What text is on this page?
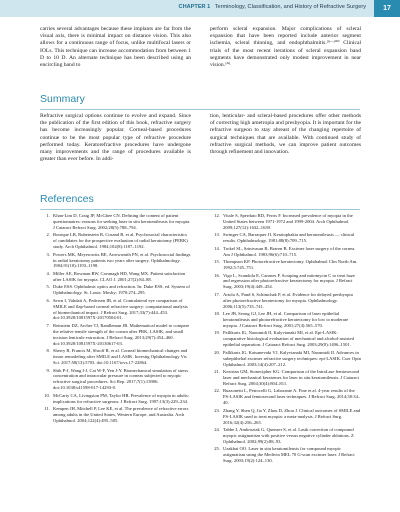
CHAPTER 1 Terminology, Classification, and History of Refractive Surgery	17

carries several advantages because these implants are far from the visual axis, there is minimal impact on distance vision. This also allows for a continuous range of focus, unlike multifocal lasers or IOLs. This technique can increase accommodation from between 1 D to 10 D. An alternate technique has been described using an encircling band to

perform scleral expansion. Major complications of scleral expansion that have been reported include anterior segment ischemia, scleral thinning, and endophthalmitis.²⁹⁻¹⁰⁰ Clinical trials of the most recent iterations of scleral expansion band segments have demonstrated only modest improvement in near vision.¹⁰¹

Summary

Refractive surgical options continue to evolve and expand. Since the publication of the first edition of this book, refractive surgery has become increasingly popular. Corneal-based procedures continue to be the most popular type of refractive procedure performed today. Keratorefractive procedures have undergone many improvements and the range of procedures available is greater than ever before. In addi-

tion, lenticular- and scleral-based procedures offer other methods of correcting high ametropia and presbyopia. It is important for the refractive surgeon to stay abreast of the changing repertoire of surgical techniques that are available. With continued study of refractive surgical methods, we can improve patient outcomes through refinement and innovation.

References
1. Khan-Lim D, Craig JP, McGhee CN. Defining the content of patient questionnaires: reasons for seeking laser in situ keratomileusis for myopia. J Cataract Refract Surg. 2002;28(5):788–794.
2. Bourque LB, Rubenstein R, Cosand B, et al. Psychosocial characteristics of candidates for the prospective evaluation of radial keratotomy (PERK) study. Arch Ophthalmol. 1984;102(8):1187–1192.
3. Powers MK, Meyerowitz BE, Arrowsmith PN, et al. Psychosocial findings in radial keratotomy patients two years after surgery. Ophthalmology. 1984;91(10):1193–1198.
4. Miller AE, Bowman RW, Cavanagh HD, Wang MX. Patient satisfaction after LASIK for myopia. CLAO J. 2001;27(2):84–88.
5. Duke ESS. Ophthalmic optics and refraction. In: Duke ESS, ed. System of Ophthalmology. St. Louis: Mosby; 1970:274–295.
6. Sewn I, Vahdati A, Pedersen IB, et al. Contralateral eye comparison of SMILE and flap-based corneal refractive surgery: computational analysis of biomechanical impact. J Refract Surg. 2017;33(7):444–453. doi:10.3928/1081597X-20170504-01.
7. Reinstein DZ, Archer TJ, Randleman JB. Mathematical model to compare the relative tensile strength of the cornea after PRK, LASIK, and small incision lenticule extraction. J Refract Surg. 2013;29(7):454–460. doi:10.3928/1081597X-20130617-03.
8. Sherry R, Francis M, Shroff R, et al. Corneal biomechanical changes and tissue remodeling after SMILE and LASIK. Investig Ophthalmology Vis Sci. 2017;58(13):5703. doi:10.1167/iovs.17-22864.
9. Shih P-J, Wang I-J, Cai W-F, Yen J-Y. Biomechanical simulation of stress concentration and intraocular pressure in corneas subjected to myopic refractive surgical procedures. Sci Rep. 2017;7(1):13906. doi:10.1038/s41598-017-14293-0.
10. McCarty CA, Livingston PM, Taylor HR. Prevalence of myopia in adults: implications for refractive surgeons. J Refract Surg. 1997;13(3):229–234.
11. Kempen JH, Mitchell P, Lee KE, et al. The prevalence of refractive errors among adults in the United States, Western Europe, and Australia. Arch Ophthalmol. 2004;122(4):495–505.
12. Vitale S, Sperduto RD, Ferris F. Increased prevalence of myopia in the United States between 1971-1972 and 1999-2004. Arch Ophthalmol. 2009;127(12):1632–1639.
13. Swinger CA, Barraquer JI. Keratophakia and keratomileusis — clinical results. Ophthalmology. 1981;88(8):709–715.
14. Trokel SL, Srinivasan R, Braren B. Excimer laser surgery of the cornea. Am J Ophthalmol. 1983;96(6):710–715.
15. Thompson KP. Photorefractive keratectomy. Ophthalmol Clin North Am. 1992;5:745–751.
16. Vigo L, Scandola E, Carones F. Scraping and mitomycin C to treat haze and regression after photorefractive keratectomy for myopia. J Refract Surg. 2003;19(4):449–454.
17. Artola A, Pand S, Schimchak P, et al. Evidence for delayed presbyopia after photorefractive keratectomy for myopia. Ophthalmology. 2006;113(5):735–741.
18. Lee JB, Seong GJ, Lee JH, et al. Comparison of laser epithelial keratomileusis and photorefractive keratectomy for low to moderate myopia. J Cataract Refract Surg. 2001;27(4):565–570.
19. Pallikaris IG, Naoumidi II, Kalyvianaki MI, et al. Epi-LASIK: comparative histological evaluation of mechanical and alcohol-assisted epithelial separation. J Cataract Refract Surg. 2003;29(8):1496–1501.
20. Pallikaris IG, Katsanevaki VJ, Kalyvianaki MI, Naoumidi II. Advances in subepithelial excimer refractive surgery techniques: epi-LASIK. Curr Opin Ophthalmol. 2003;14(4):207–212.
21. Kezirian GM, Stonecipher KG. Comparison of the IntraLase femtosecond laser and mechanical keratomes for laser in situ keratomileusis. J Cataract Refract Surg. 2004;30(4):804–811.
22. Buzzonetti L, Petrocelli G, Laborante A. Fine et al. 4-year results of the FS-LASIK and femtosecond laser techniques. J Refract Surg. 2014;30:34–40.
23. Zhang Y, Shen Q, Jia Y, Zhou D, Zhou J. Clinical outcomes of SMILE and FS-LASIK used to treat myopia: a meta-analysis. J Refract Surg. 2016;32(4):256–265.
24. Tabbe J, Ambroziak G, Quenzer S, et al. Lasik correction of compound myopic astigmatism with positive versus negative cylinder ablations. Z Ophthalmol. 2002;99(2):88–93.
25. Uzakbai OO. Laser in situ keratomileusis for compound myopic astigmatism using the Medivin MEL 70 G-scan excimer laser. J Refract Surg. 2003;19(2):124–130.
